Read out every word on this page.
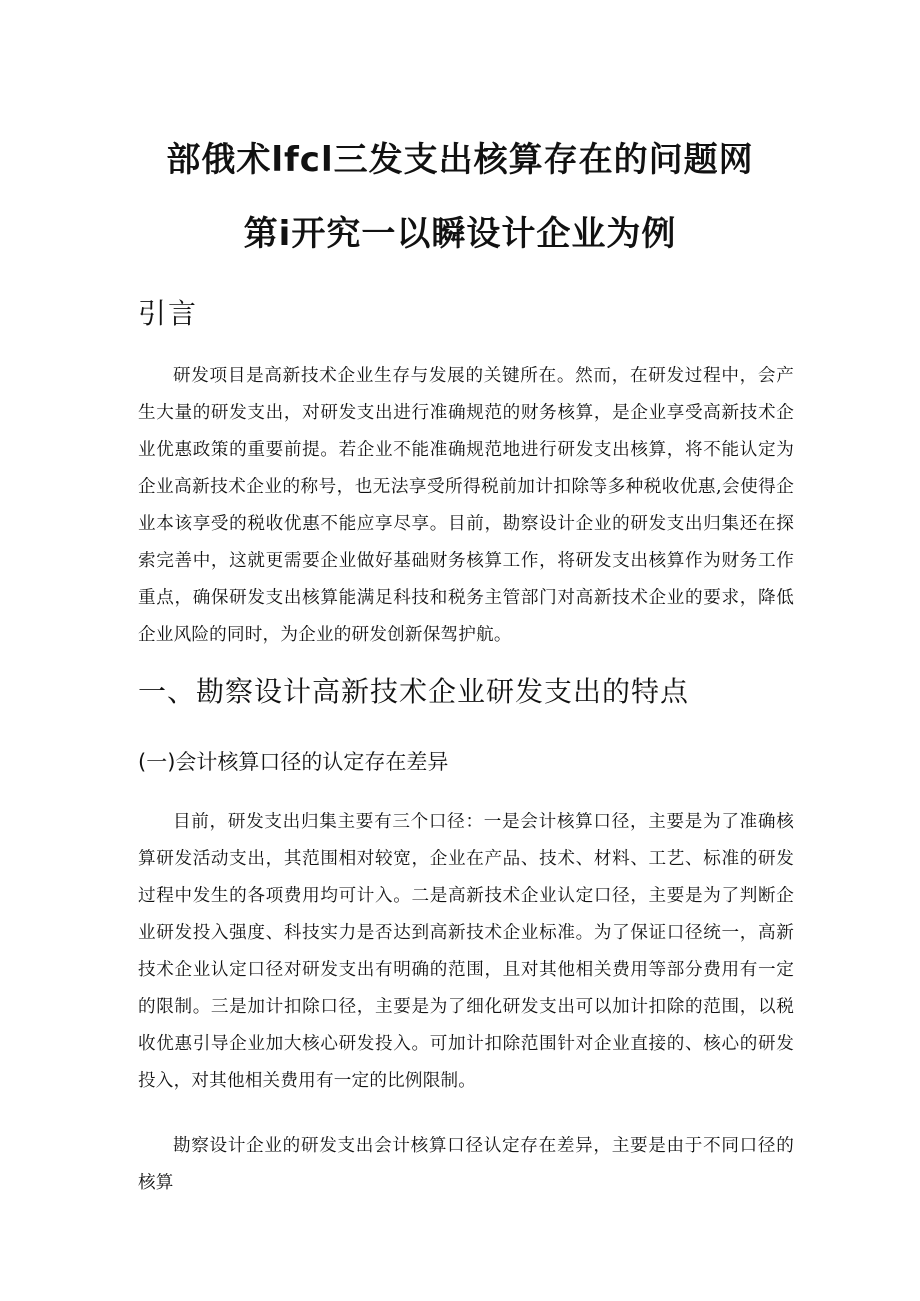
部俄术lfcl三发支出核算存在的问题网
第i开究一以瞬设计企业为例
引言

研发项目是高新技术企业生存与发展的关键所在。然而，在研发过程中，会产生大量的研发支出，对研发支出进行准确规范的财务核算，是企业享受高新技术企业优惠政策的重要前提。若企业不能准确规范地进行研发支出核算，将不能认定为企业高新技术企业的称号，也无法享受所得税前加计扣除等多种税收优惠,会使得企业本该享受的税收优惠不能应享尽享。目前，勘察设计企业的研发支出归集还在探索完善中，这就更需要企业做好基础财务核算工作，将研发支出核算作为财务工作重点，确保研发支出核算能满足科技和税务主管部门对高新技术企业的要求，降低企业风险的同时，为企业的研发创新保驾护航。

一、勘察设计高新技术企业研发支出的特点
(一)会计核算口径的认定存在差异

目前，研发支出归集主要有三个口径：一是会计核算口径，主要是为了准确核算研发活动支出，其范围相对较宽，企业在产品、技术、材料、工艺、标准的研发过程中发生的各项费用均可计入。二是高新技术企业认定口径，主要是为了判断企业研发投入强度、科技实力是否达到高新技术企业标准。为了保证口径统一，高新技术企业认定口径对研发支出有明确的范围，且对其他相关费用等部分费用有一定的限制。三是加计扣除口径，主要是为了细化研发支出可以加计扣除的范围，以税收优惠引导企业加大核心研发投入。可加计扣除范围针对企业直接的、核心的研发投入，对其他相关费用有一定的比例限制。

勘察设计企业的研发支出会计核算口径认定存在差异，主要是由于不同口径的核算
